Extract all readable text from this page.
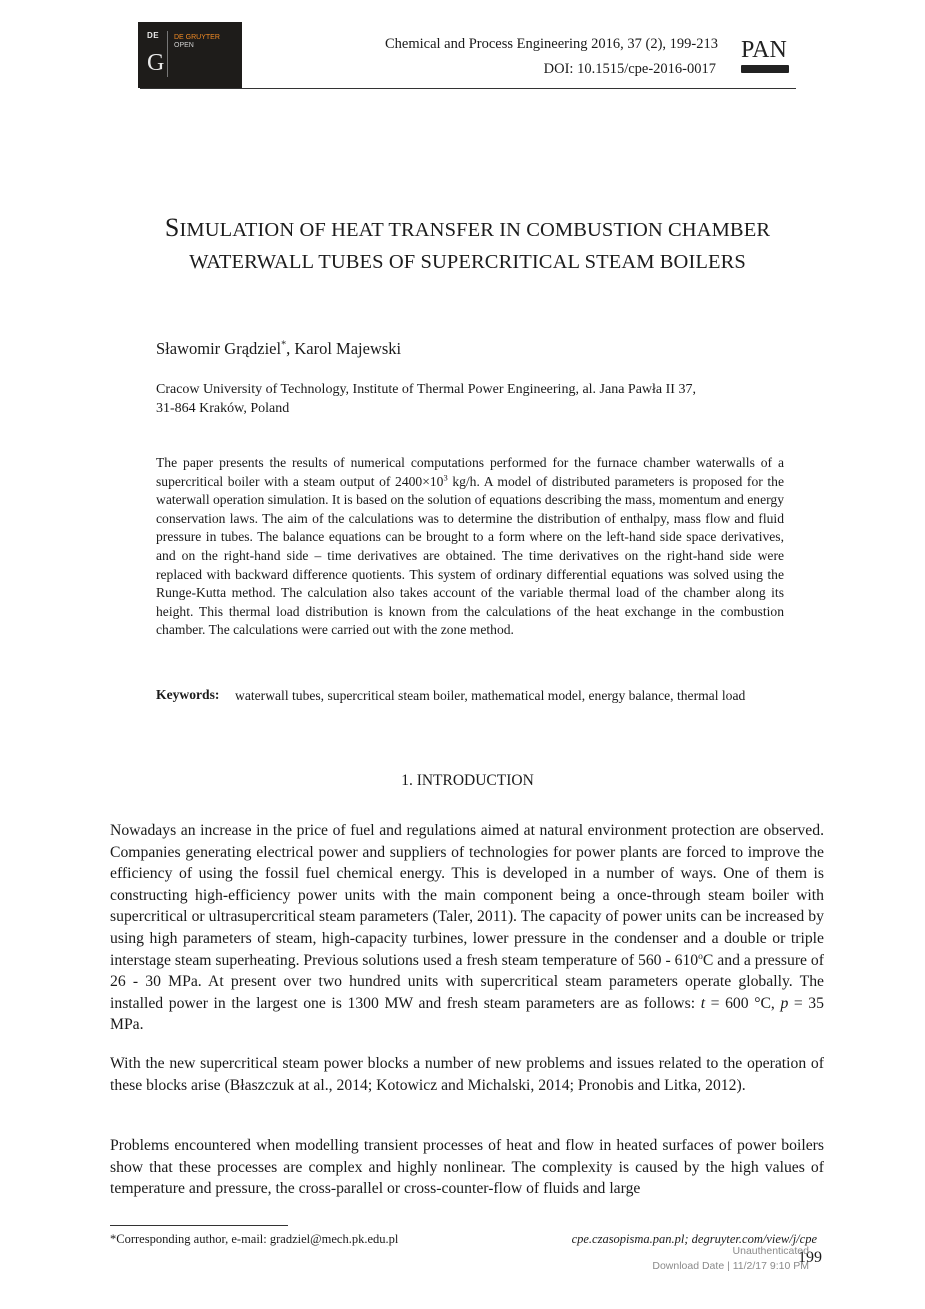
DE
G
DE GRUYTER
OPEN	Chemical and Process Engineering 2016, 37 (2), 199-213
DOI: 10.1515/cpe-2016-0017
PAN
SIMULATION OF HEAT TRANSFER IN COMBUSTION CHAMBER
WATERWALL TUBES OF SUPERCRITICAL STEAM BOILERS
Sławomir Grądziel*, Karol Majewski
Cracow University of Technology, Institute of Thermal Power Engineering, al. Jana Pawła II 37,
31-864 Kraków, Poland
The paper presents the results of numerical computations performed for the furnace chamber waterwalls of a supercritical boiler with a steam output of $2400\times 10^3$ kg/h. A model of distributed parameters is proposed for the waterwall operation simulation. It is based on the solution of equations describing the mass, momentum and energy conservation laws. The aim of the calculations was to determine the distribution of enthalpy, mass flow and fluid pressure in tubes. The balance equations can be brought to a form where on the left-hand side space derivatives, and on the right-hand side – time derivatives are obtained. The time derivatives on the right-hand side were replaced with backward difference quotients. This system of ordinary differential equations was solved using the Runge-Kutta method. The calculation also takes account of the variable thermal load of the chamber along its height. This thermal load distribution is known from the calculations of the heat exchange in the combustion chamber. The calculations were carried out with the zone method.
Keywords: waterwall tubes, supercritical steam boiler, mathematical model, energy balance, thermal load
1. INTRODUCTION
Nowadays an increase in the price of fuel and regulations aimed at natural environment protection are observed. Companies generating electrical power and suppliers of technologies for power plants are forced to improve the efficiency of using the fossil fuel chemical energy. This is developed in a number of ways. One of them is constructing high-efficiency power units with the main component being a once-through steam boiler with supercritical or ultrasupercritical steam parameters (Taler, 2011). The capacity of power units can be increased by using high parameters of steam, high-capacity turbines, lower pressure in the condenser and a double or triple interstage steam superheating. Previous solutions used a fresh steam temperature of 560 - 610$^o$C and a pressure of 26 - 30 MPa. At present over two hundred units with supercritical steam parameters operate globally. The installed power in the largest one is 1300 MW and fresh steam parameters are as follows: t = 600 °C, p = 35 MPa.
With the new supercritical steam power blocks a number of new problems and issues related to the operation of these blocks arise (Błaszczuk at al., 2014; Kotowicz and Michalski, 2014; Pronobis and Litka, 2012).
Problems encountered when modelling transient processes of heat and flow in heated surfaces of power boilers show that these processes are complex and highly nonlinear. The complexity is caused by the high values of temperature and pressure, the cross-parallel or cross-counter-flow of fluids and large
*Corresponding author, e-mail: gradziel@mech.pk.edu.pl	cpe.czasopisma.pan.pl; degruyter.com/view/j/cpe
199
Unauthenticated
Download Date | 11/2/17 9:10 PM
